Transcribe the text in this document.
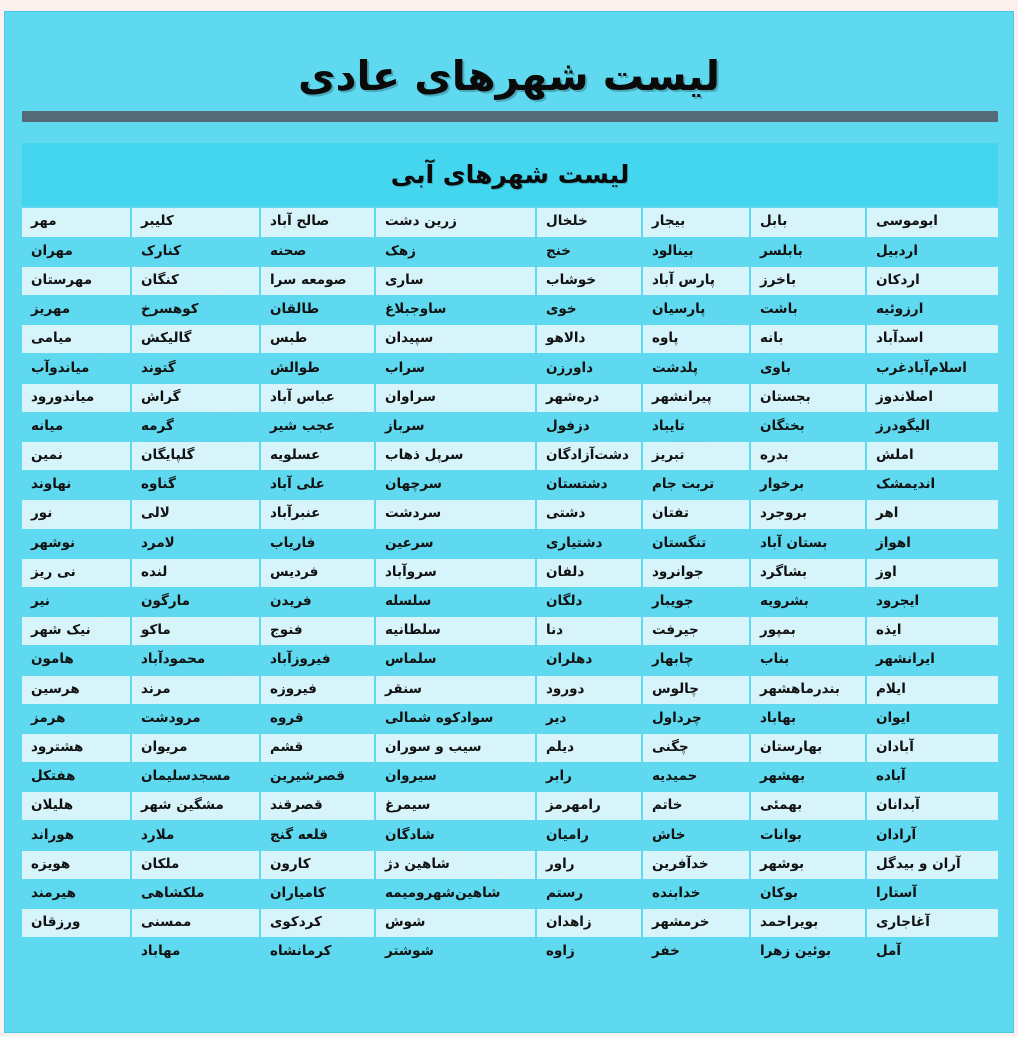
لیست شهرهای عادی
لیست شهرهای آبی
ابوموسی	بابل	بیجار	خلخال	زرین دشت	صالح آباد	کلیبر	مهر
اردبیل	بابلسر	بینالود	خنج	زهک	صحنه	کنارک	مهران
اردکان	باخرز	پارس آباد	خوشاب	ساری	صومعه سرا	کنگان	مهرستان
ارزوئیه	باشت	پارسیان	خوی	ساوجبلاغ	طالقان	کوهسرخ	مهریز
اسدآباد	بانه	پاوه	دالاهو	سپیدان	طبس	گالیکش	میامی
اسلام‌آبادغرب	باوی	پلدشت	داورزن	سراب	طوالش	گتوند	میاندوآب
اصلاندوز	بجستان	پیرانشهر	دره‌شهر	سراوان	عباس آباد	گراش	میاندورود
الیگودرز	بختگان	تایباد	دزفول	سرباز	عجب شیر	گرمه	میانه
املش	بدره	تبریز	دشت‌آزادگان	سرپل ذهاب	عسلویه	گلپایگان	نمین
اندیمشک	برخوار	تربت جام	دشتستان	سرچهان	علی آباد	گناوه	نهاوند
اهر	بروجرد	تفتان	دشتی	سردشت	عنبرآباد	لالی	نور
اهواز	بستان آباد	تنگستان	دشتیاری	سرعین	فاریاب	لامرد	نوشهر
اوز	بشاگرد	جوانرود	دلفان	سروآباد	فردیس	لنده	نی ریز
ایجرود	بشرویه	جویبار	دلگان	سلسله	فریدن	مارگون	نیر
ایذه	بمپور	جیرفت	دنا	سلطانیه	فنوج	ماکو	نیک شهر
ایرانشهر	بناب	چابهار	دهلران	سلماس	فیروزآباد	محمودآباد	هامون
ایلام	بندرماهشهر	چالوس	دورود	سنقر	فیروزه	مرند	هرسین
ایوان	بهاباد	چرداول	دیر	سوادکوه شمالی	قروه	مرودشت	هرمز
آبادان	بهارستان	چگنی	دیلم	سیب و سوران	قشم	مریوان	هشترود
آباده	بهشهر	حمیدیه	رابر	سیروان	قصرشیرین	مسجدسلیمان	هفتکل
آبدانان	بهمئی	خاتم	رامهرمز	سیمرغ	قصرقند	مشگین شهر	هلیلان
آرادان	بوانات	خاش	رامیان	شادگان	قلعه گنج	ملارد	هوراند
آران و بیدگل	بوشهر	خدآفرین	راور	شاهین دژ	کارون	ملکان	هویزه
آستارا	بوکان	خدابنده	رستم	شاهین‌شهرومیمه	کامیاران	ملکشاهی	هیرمند
آغاجاری	بویراحمد	خرمشهر	زاهدان	شوش	کردکوی	ممسنی	ورزقان
آمل	بوئین زهرا	خفر	زاوه	شوشتر	کرمانشاه	مهاباد	
